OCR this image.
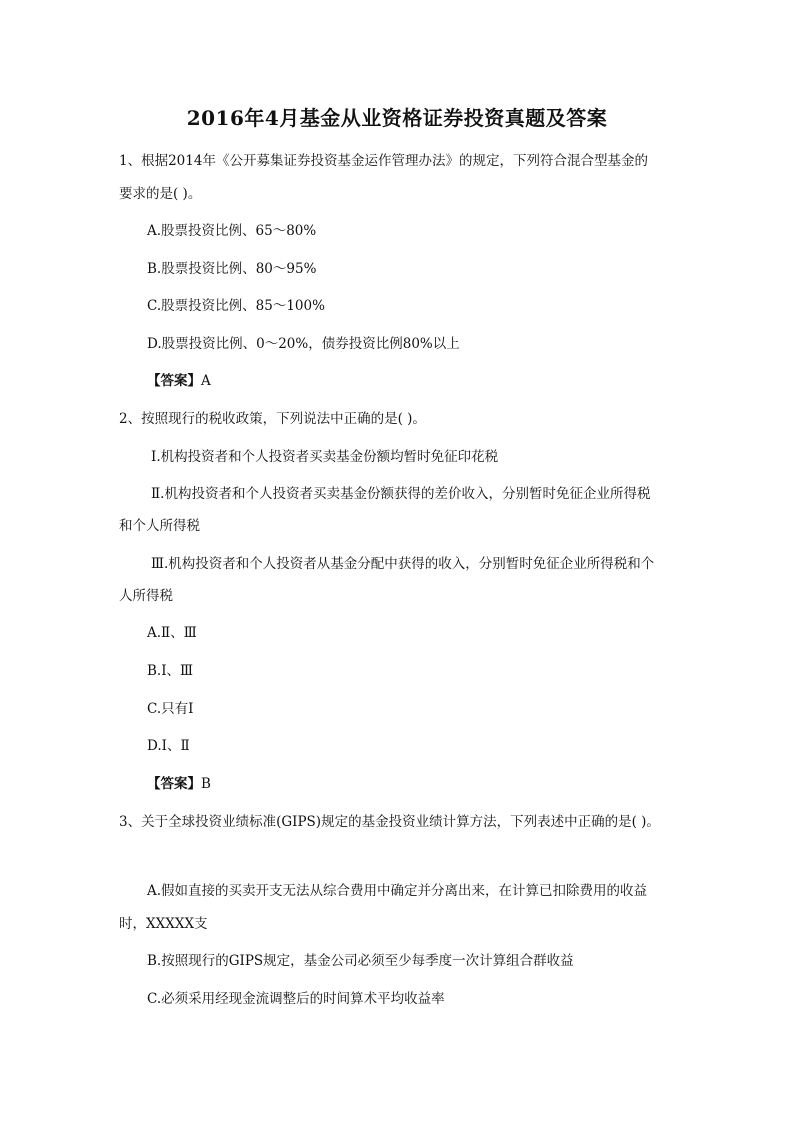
2016年4月基金从业资格证券投资真题及答案
1、根据2014年《公开募集证券投资基金运作管理办法》的规定，下列符合混合型基金的
要求的是( )。
A.股票投资比例、65～80%
B.股票投资比例、80～95%
C.股票投资比例、85～100%
D.股票投资比例、0～20%，债券投资比例80%以上
【答案】A
2、按照现行的税收政策，下列说法中正确的是( )。
Ⅰ.机构投资者和个人投资者买卖基金份额均暂时免征印花税
Ⅱ.机构投资者和个人投资者买卖基金份额获得的差价收入，分别暂时免征企业所得税
和个人所得税
Ⅲ.机构投资者和个人投资者从基金分配中获得的收入，分别暂时免征企业所得税和个
人所得税
A.Ⅱ、Ⅲ
B.Ⅰ、Ⅲ
C.只有Ⅰ
D.Ⅰ、Ⅱ
【答案】B
3、关于全球投资业绩标准(GIPS)规定的基金投资业绩计算方法，下列表述中正确的是( )。
A.假如直接的买卖开支无法从综合费用中确定并分离出来，在计算已扣除费用的收益
时，XXXXX支
B.按照现行的GIPS规定，基金公司必须至少每季度一次计算组合群收益
C.必须采用经现金流调整后的时间算术平均收益率
